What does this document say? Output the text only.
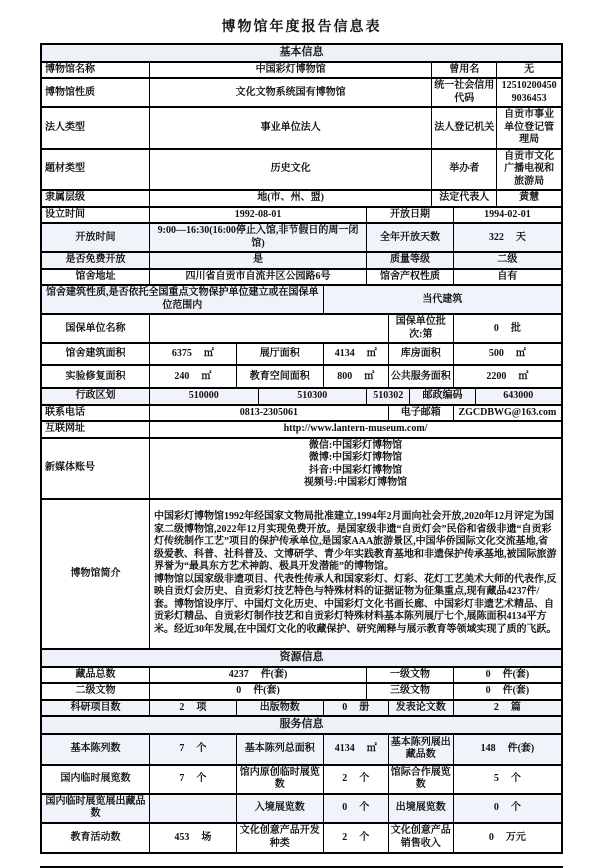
博物馆年度报告信息表
基本信息											
博物馆名称	中国彩灯博物馆							曾用名			无
博物馆性质	文化文物系统国有博物馆							统一社会信用代码			125102004509036453
法人类型	事业单位法人							法人登记机关			自贡市事业单位登记管理局
题材类型	历史文化							举办者			自贡市文化广播电视和旅游局
隶属层级	地(市、州、盟)							法定代表人			黄慧
设立时间	1992-08-01				开放日期				1994-02-01		
开放时间	9:00—16:30(16:00停止入馆,非节假日的周一闭馆)				全年开放天数				322 天		
是否免费开放	是				质量等级				二级		
馆舍地址	四川省自贡市自流井区公园路6号				馆舍产权性质				自有		
馆舍建筑性质,是否依托全国重点文物保护单位建立或在国保单位范围内				当代建筑							
国保单位名称						国保单位批次:第			0 批		
馆舍建筑面积	6375 ㎡	展厅面积		4134 ㎡		库房面积			500 ㎡		
实验修复面积	240 ㎡	教育空间面积		800 ㎡		公共服务面积			2200 ㎡		
行政区划	510000		510300		510302		邮政编码			643000	
联系电话	0813-2305061					电子邮箱			ZGCDBWG@163.com		
互联网址	http://www.lantern-museum.com/										
新媒体账号	微信:中国彩灯博物馆
微博:中国彩灯博物馆
抖音:中国彩灯博物馆
视频号:中国彩灯博物馆										

博物馆简介	中国彩灯博物馆1992年经国家文物局批准建立,1994年2月面向社会开放,2020年12月评定为国家二级博物馆,2022年12月实现免费开放。是国家级非遗“自贡灯会”民俗和省级非遗“自贡彩灯传统制作工艺”项目的保护传承单位,是国家AAA旅游景区,中国华侨国际文化交流基地,省级爱教、科普、社科普及、文博研学、青少年实践教育基地和非遗保护传承基地,被国际旅游界誉为“最具东方艺术神韵、极具开发潜能”的博物馆。
博物馆以国家级非遗项目、代表性传承人和国家彩灯、灯彩、花灯工艺美术大师的代表作,反映自贡灯会历史、自贡彩灯技艺特色与特殊材料的证据证物为征集重点,现有藏品4237件/套。博物馆设序厅、中国灯文化历史、中国彩灯文化书画长廊、中国彩灯非遗艺术精品、自贡彩灯精品、自贡彩灯制作技艺和自贡彩灯特殊材料基本陈列展厅七个,展陈面积4134平方米。经近30年发展,在中国灯文化的收藏保护、研究阐释与展示教育等领域实现了质的飞跃。										

资源信息											
藏品总数	4237 件(套)				一级文物				0 件(套)		
二级文物	0 件(套)				三级文物				0 件(套)		
科研项目数	2 项	出版物数		0 册		发表论文数			2 篇		
服务信息											
基本陈列数	7 个	基本陈列总面积		4134 ㎡		基本陈列展出藏品数			148 件(套)		
国内临时展览数	7 个	馆内原创临时展览数		2 个		馆际合作展览数			5 个		
国内临时展览展出藏品数		入境展览数		0 个		出境展览数			0 个		
教育活动数	453 场	文化创意产品开发种类		2 个		文化创意产品销售收入			0 万元		
